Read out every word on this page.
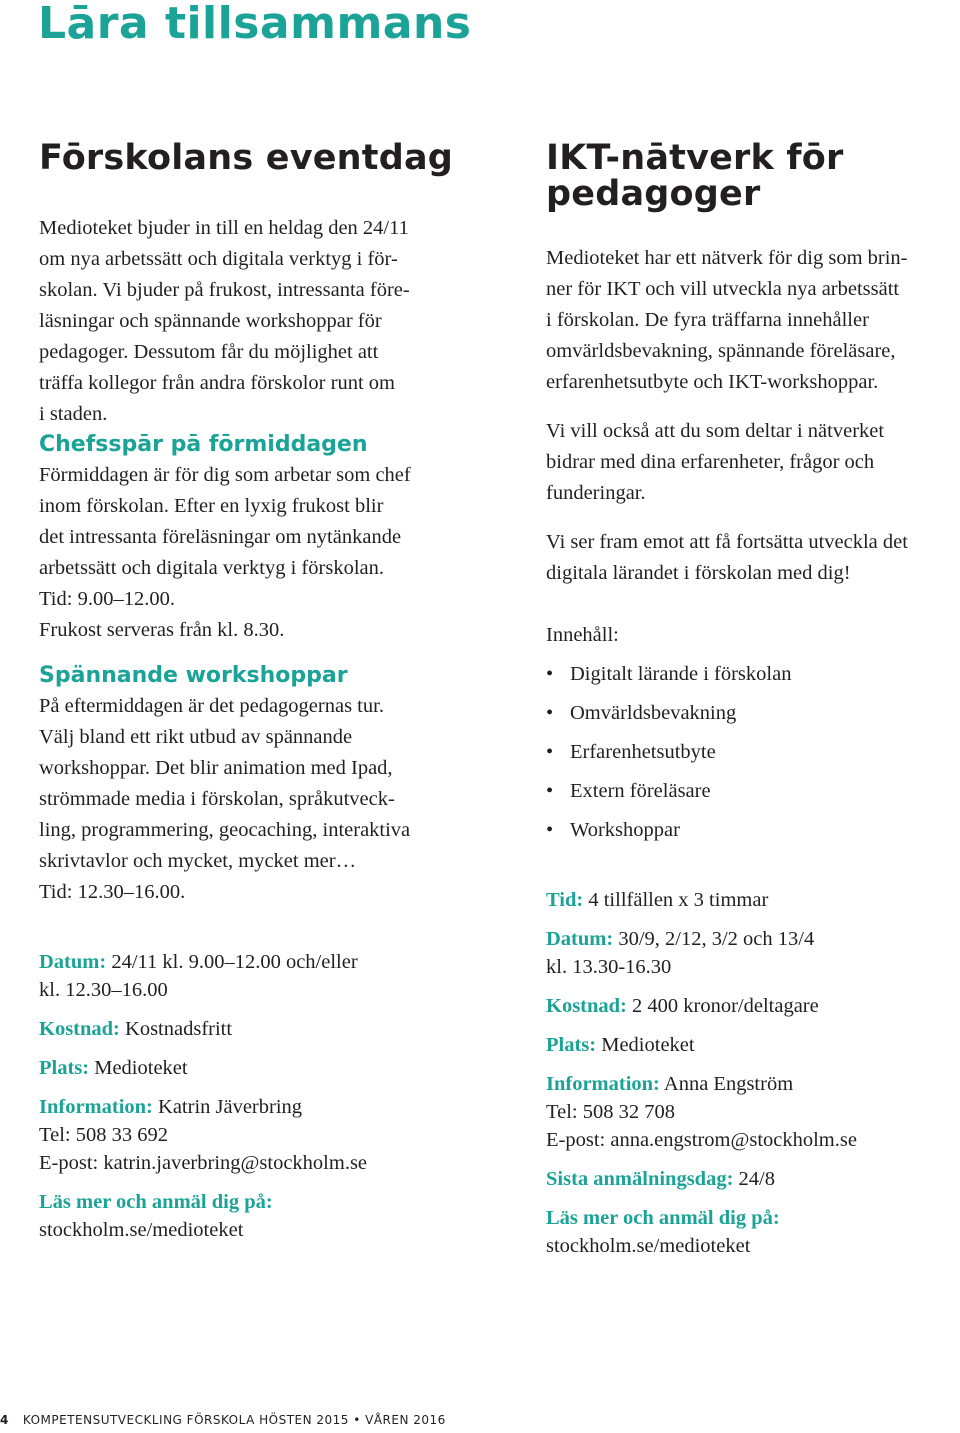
Lāra tillsammans
Fōrskolans eventdag

Medioteket bjuder in till en heldag den 24/11

om nya arbetssätt och digitala verktyg i för-

skolan. Vi bjuder på frukost, intressanta före-

läsningar och spännande workshoppar för

pedagoger. Dessutom får du möjlighet att

träffa kollegor från andra förskolor runt om

i staden.

Chefsspār pā fōrmiddagen

Förmiddagen är för dig som arbetar som chef

inom förskolan. Efter en lyxig frukost blir

det intressanta föreläsningar om nytänkande

arbetssätt och digitala verktyg i förskolan.

Tid: 9.00–12.00.

Frukost serveras från kl. 8.30.

Spännande workshoppar

På eftermiddagen är det pedagogernas tur.

Välj bland ett rikt utbud av spännande

workshoppar. Det blir animation med Ipad,

strömmade media i förskolan, språkutveck-

ling, programmering, geocaching, interaktiva

skrivtavlor och mycket, mycket mer…

Tid: 12.30–16.00.

Datum: 24/11 kl. 9.00–12.00 och/eller
kl. 12.30–16.00
Kostnad: Kostnadsfritt
Plats: Medioteket
Information: Katrin Jäverbring
Tel: 508 33 692
E-post: katrin.javerbring@stockholm.se
Läs mer och anmäl dig på:
stockholm.se/medioteket
IKT-nātverk fōr
pedagoger

Medioteket har ett nätverk för dig som brin-

ner för IKT och vill utveckla nya arbetssätt

i förskolan. De fyra träffarna innehåller

omvärldsbevakning, spännande föreläsare,

erfarenhetsutbyte och IKT-workshoppar.

Vi vill också att du som deltar i nätverket

bidrar med dina erfarenheter, frågor och

funderingar.

Vi ser fram emot att få fortsätta utveckla det

digitala lärandet i förskolan med dig!

Innehåll:

• Digitalt lärande i förskolan
• Omvärldsbevakning
• Erfarenhetsutbyte
• Extern föreläsare
• Workshoppar
Tid: 4 tillfällen x 3 timmar
Datum: 30/9, 2/12, 3/2 och 13/4
kl. 13.30-16.30
Kostnad: 2 400 kronor/deltagare
Plats: Medioteket
Information: Anna Engström
Tel: 508 32 708
E-post: anna.engstrom@stockholm.se
Sista anmälningsdag: 24/8
Läs mer och anmäl dig på:
stockholm.se/medioteket
4 KOMPETENSUTVECKLING FÖRSKOLA HÖSTEN 2015 • VÅREN 2016
